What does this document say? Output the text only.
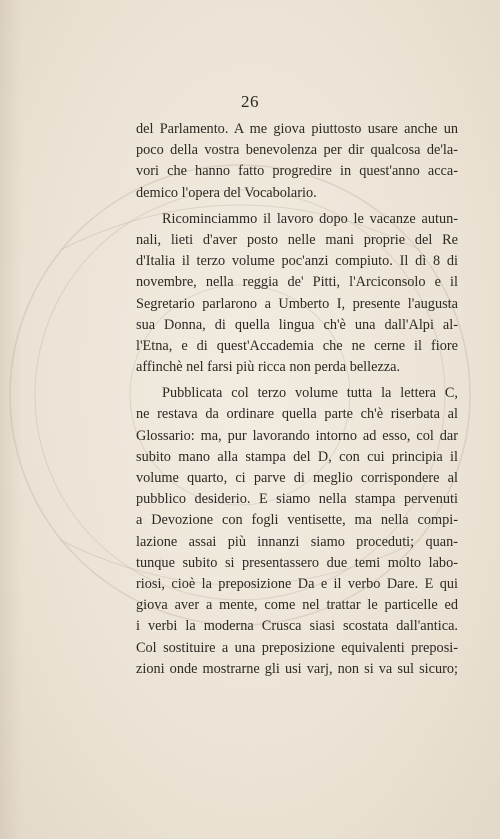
26
del Parlamento. A me giova piuttosto usare anche un
poco della vostra benevolenza per dir qualcosa de'la-
vori che hanno fatto progredire in quest'anno acca-
demico l'opera del Vocabolario.
Ricominciammo il lavoro dopo le vacanze autun-
nali, lieti d'aver posto nelle mani proprie del Re
d'Italia il terzo volume poc'anzi compiuto. Il dì 8 di
novembre, nella reggia de' Pitti, l'Arciconsolo e il
Segretario parlarono a Umberto I, presente l'augusta
sua Donna, di quella lingua ch'è una dall'Alpi al-
l'Etna, e di quest'Accademia che ne cerne il fiore
affinchè nel farsi più ricca non perda bellezza.
Pubblicata col terzo volume tutta la lettera C,
ne restava da ordinare quella parte ch'è riserbata al
Glossario: ma, pur lavorando intorno ad esso, col dar
subito mano alla stampa del D, con cui principia il
volume quarto, ci parve di meglio corrispondere al
pubblico desiderio. E siamo nella stampa pervenuti
a Devozione con fogli ventisette, ma nella compi-
lazione assai più innanzi siamo proceduti; quan-
tunque subito si presentassero due temi molto labo-
riosi, cioè la preposizione Da e il verbo Dare. E qui
giova aver a mente, come nel trattar le particelle ed
i verbi la moderna Crusca siasi scostata dall'antica.
Col sostituire a una preposizione equivalenti preposi-
zioni onde mostrarne gli usi varj, non si va sul sicuro;
